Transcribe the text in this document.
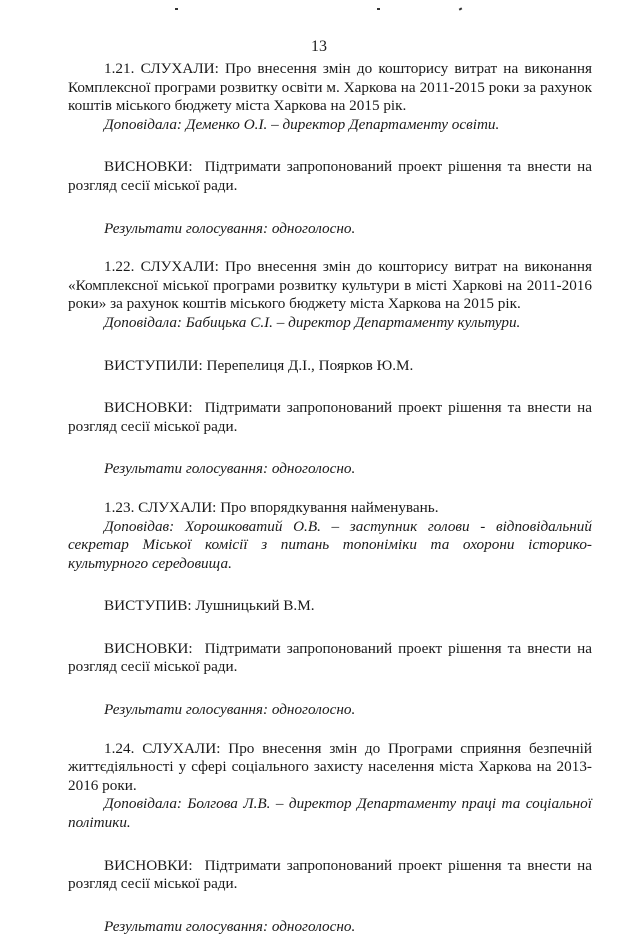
13

1.21. СЛУХАЛИ: Про внесення змін до кошторису витрат на виконання Комплексної програми розвитку освіти м. Харкова на 2011-2015 роки за рахунок коштів міського бюджету міста Харкова на 2015 рік.

Доповідала: Деменко О.І. – директор Департаменту освіти.

ВИСНОВКИ: Підтримати запропонований проект рішення та внести на розгляд сесії міської ради.

Результати голосування: одноголосно.

1.22. СЛУХАЛИ: Про внесення змін до кошторису витрат на виконання «Комплексної міської програми розвитку культури в місті Харкові на 2011-2016 роки» за рахунок коштів міського бюджету міста Харкова на 2015 рік.

Доповідала: Бабицька С.І. – директор Департаменту культури.

ВИСТУПИЛИ: Перепелиця Д.І., Поярков Ю.М.

ВИСНОВКИ: Підтримати запропонований проект рішення та внести на розгляд сесії міської ради.

Результати голосування: одноголосно.

1.23. СЛУХАЛИ: Про впорядкування найменувань.

Доповідав: Хорошковатий О.В. – заступник голови - відповідальний секретар Міської комісії з питань топоніміки та охорони історико-культурного середовища.

ВИСТУПИВ: Лушницький В.М.

ВИСНОВКИ: Підтримати запропонований проект рішення та внести на розгляд сесії міської ради.

Результати голосування: одноголосно.

1.24. СЛУХАЛИ: Про внесення змін до Програми сприяння безпечній життєдіяльності у сфері соціального захисту населення міста Харкова на 2013-2016 роки.

Доповідала: Болгова Л.В. – директор Департаменту праці та соціальної політики.

ВИСНОВКИ: Підтримати запропонований проект рішення та внести на розгляд сесії міської ради.

Результати голосування: одноголосно.
